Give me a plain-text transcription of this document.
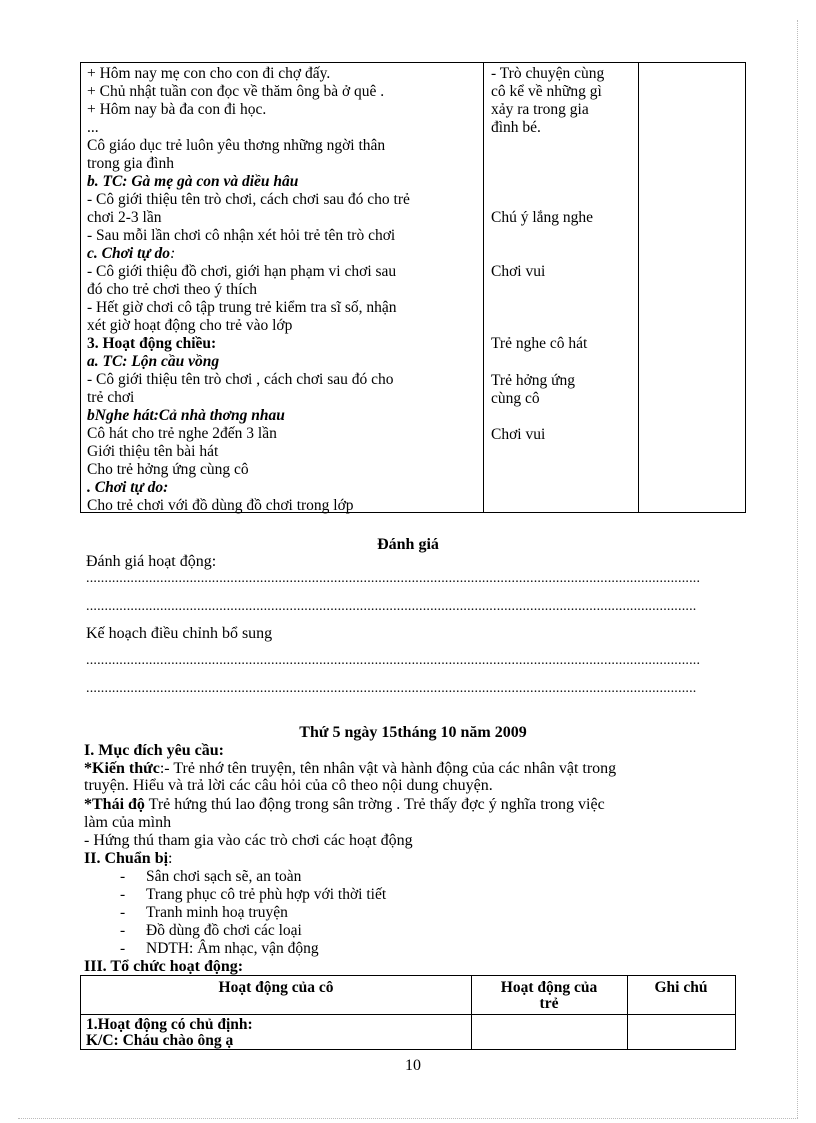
+ Hôm nay mẹ con cho con đi chợ đấy.
+ Chủ nhật tuần con đọc về thăm ông bà ở quê .
+ Hôm nay bà đa con đi học.
...
Cô giáo dục trẻ luôn yêu thơng những ngời thân
trong gia đình
b. TC: Gà mẹ gà con và diều hâu
- Cô giới thiệu tên trò chơi, cách chơi sau đó cho trẻ
chơi 2-3 lần
- Sau mỗi lần chơi cô nhận xét hỏi trẻ tên trò chơi
c. Chơi tự do:
- Cô giới thiệu đồ chơi, giới hạn phạm vi chơi sau
đó cho trẻ chơi theo ý thích
- Hết giờ chơi cô tập trung trẻ kiểm tra sĩ số, nhận
xét giờ hoạt động cho trẻ vào lớp
3. Hoạt động chiều:
a. TC: Lộn cầu vồng
- Cô giới thiệu tên trò chơi , cách chơi sau đó cho
trẻ chơi
bNghe hát:Cả nhà thơng nhau
Cô hát cho trẻ nghe 2đến 3 lần
Giới thiệu tên bài hát
Cho trẻ hởng ứng cùng cô
. Chơi tự do:
Cho trẻ chơi với đồ dùng đồ chơi trong lớp
- Trò chuyện cùng
cô kể về những gì
xảy ra trong gia
đình bé.
Chú ý lắng nghe
Chơi vui
Trẻ nghe cô hát
Trẻ hởng ứng
cùng cô
Chơi vui
Đánh giá
Đánh giá hoạt động:
......................................................................................................................................................................
.....................................................................................................................................................................
Kế hoạch điều chỉnh bổ sung
......................................................................................................................................................................
.....................................................................................................................................................................
Thứ 5 ngày 15tháng 10 năm 2009
I. Mục đích yêu cầu:
*Kiến thức:- Trẻ nhớ tên truyện, tên nhân vật và hành động của các nhân vật trong
truyện. Hiểu và trả lời các câu hỏi của cô theo nội dung chuyện.
*Thái độ Trẻ hứng thú lao động trong sân trờng . Trẻ thấy đợc ý nghĩa trong việc
làm của mình
- Hứng thú tham gia vào các trò chơi các hoạt động
II. Chuẩn bị:
- Sân chơi sạch sẽ, an toàn
- Trang phục cô trẻ phù hợp với thời tiết
- Tranh minh hoạ truyện
- Đồ dùng đồ chơi các loại
- NDTH: Âm nhạc, vận động
III. Tổ chức hoạt động:
Hoạt động của cô	Hoạt động của
trẻ
Ghi chú
1.Hoạt động có chủ định:
K/C: Cháu chào ông ạ
10
